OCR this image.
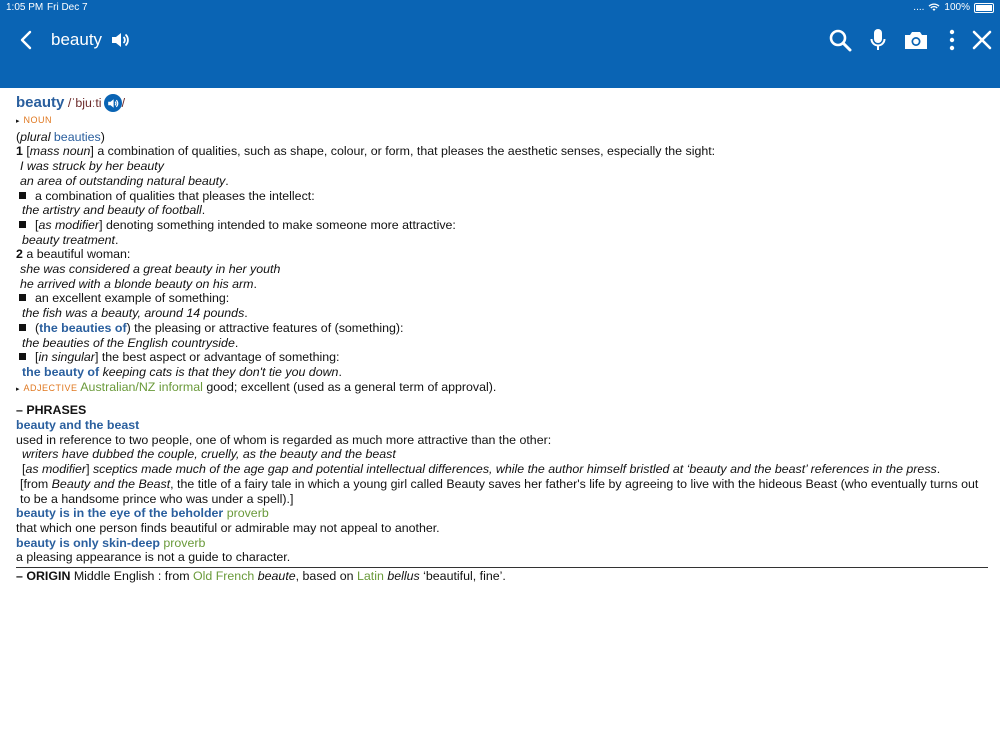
1:05 PM Fri Dec 7	.... 100%
beauty
beauty /ˈbjuːti /
▸ NOUN
(plural beauties)
1 [mass noun] a combination of qualities, such as shape, colour, or form, that pleases the aesthetic senses, especially the sight:
I was struck by her beauty
an area of outstanding natural beauty.
a combination of qualities that pleases the intellect:
the artistry and beauty of football.
[as modifier] denoting something intended to make someone more attractive:
beauty treatment.
2 a beautiful woman:
she was considered a great beauty in her youth
he arrived with a blonde beauty on his arm.
an excellent example of something:
the fish was a beauty, around 14 pounds.
(the beauties of) the pleasing or attractive features of (something):
the beauties of the English countryside.
[in singular] the best aspect or advantage of something:
the beauty of keeping cats is that they don't tie you down.
▸ ADJECTIVE Australian/NZ informal good; excellent (used as a general term of approval).
– PHRASES
beauty and the beast
used in reference to two people, one of whom is regarded as much more attractive than the other:
writers have dubbed the couple, cruelly, as the beauty and the beast
[as modifier] sceptics made much of the age gap and potential intellectual differences, while the author himself bristled at ‘beauty and the beast’ references in the press.
[from Beauty and the Beast, the title of a fairy tale in which a young girl called Beauty saves her father's life by agreeing to live with the hideous Beast (who eventually turns out to be a handsome prince who was under a spell).]
beauty is in the eye of the beholder proverb
that which one person finds beautiful or admirable may not appeal to another.
beauty is only skin-deep proverb
a pleasing appearance is not a guide to character.
– ORIGIN Middle English : from Old French beaute, based on Latin bellus ‘beautiful, fine’.
